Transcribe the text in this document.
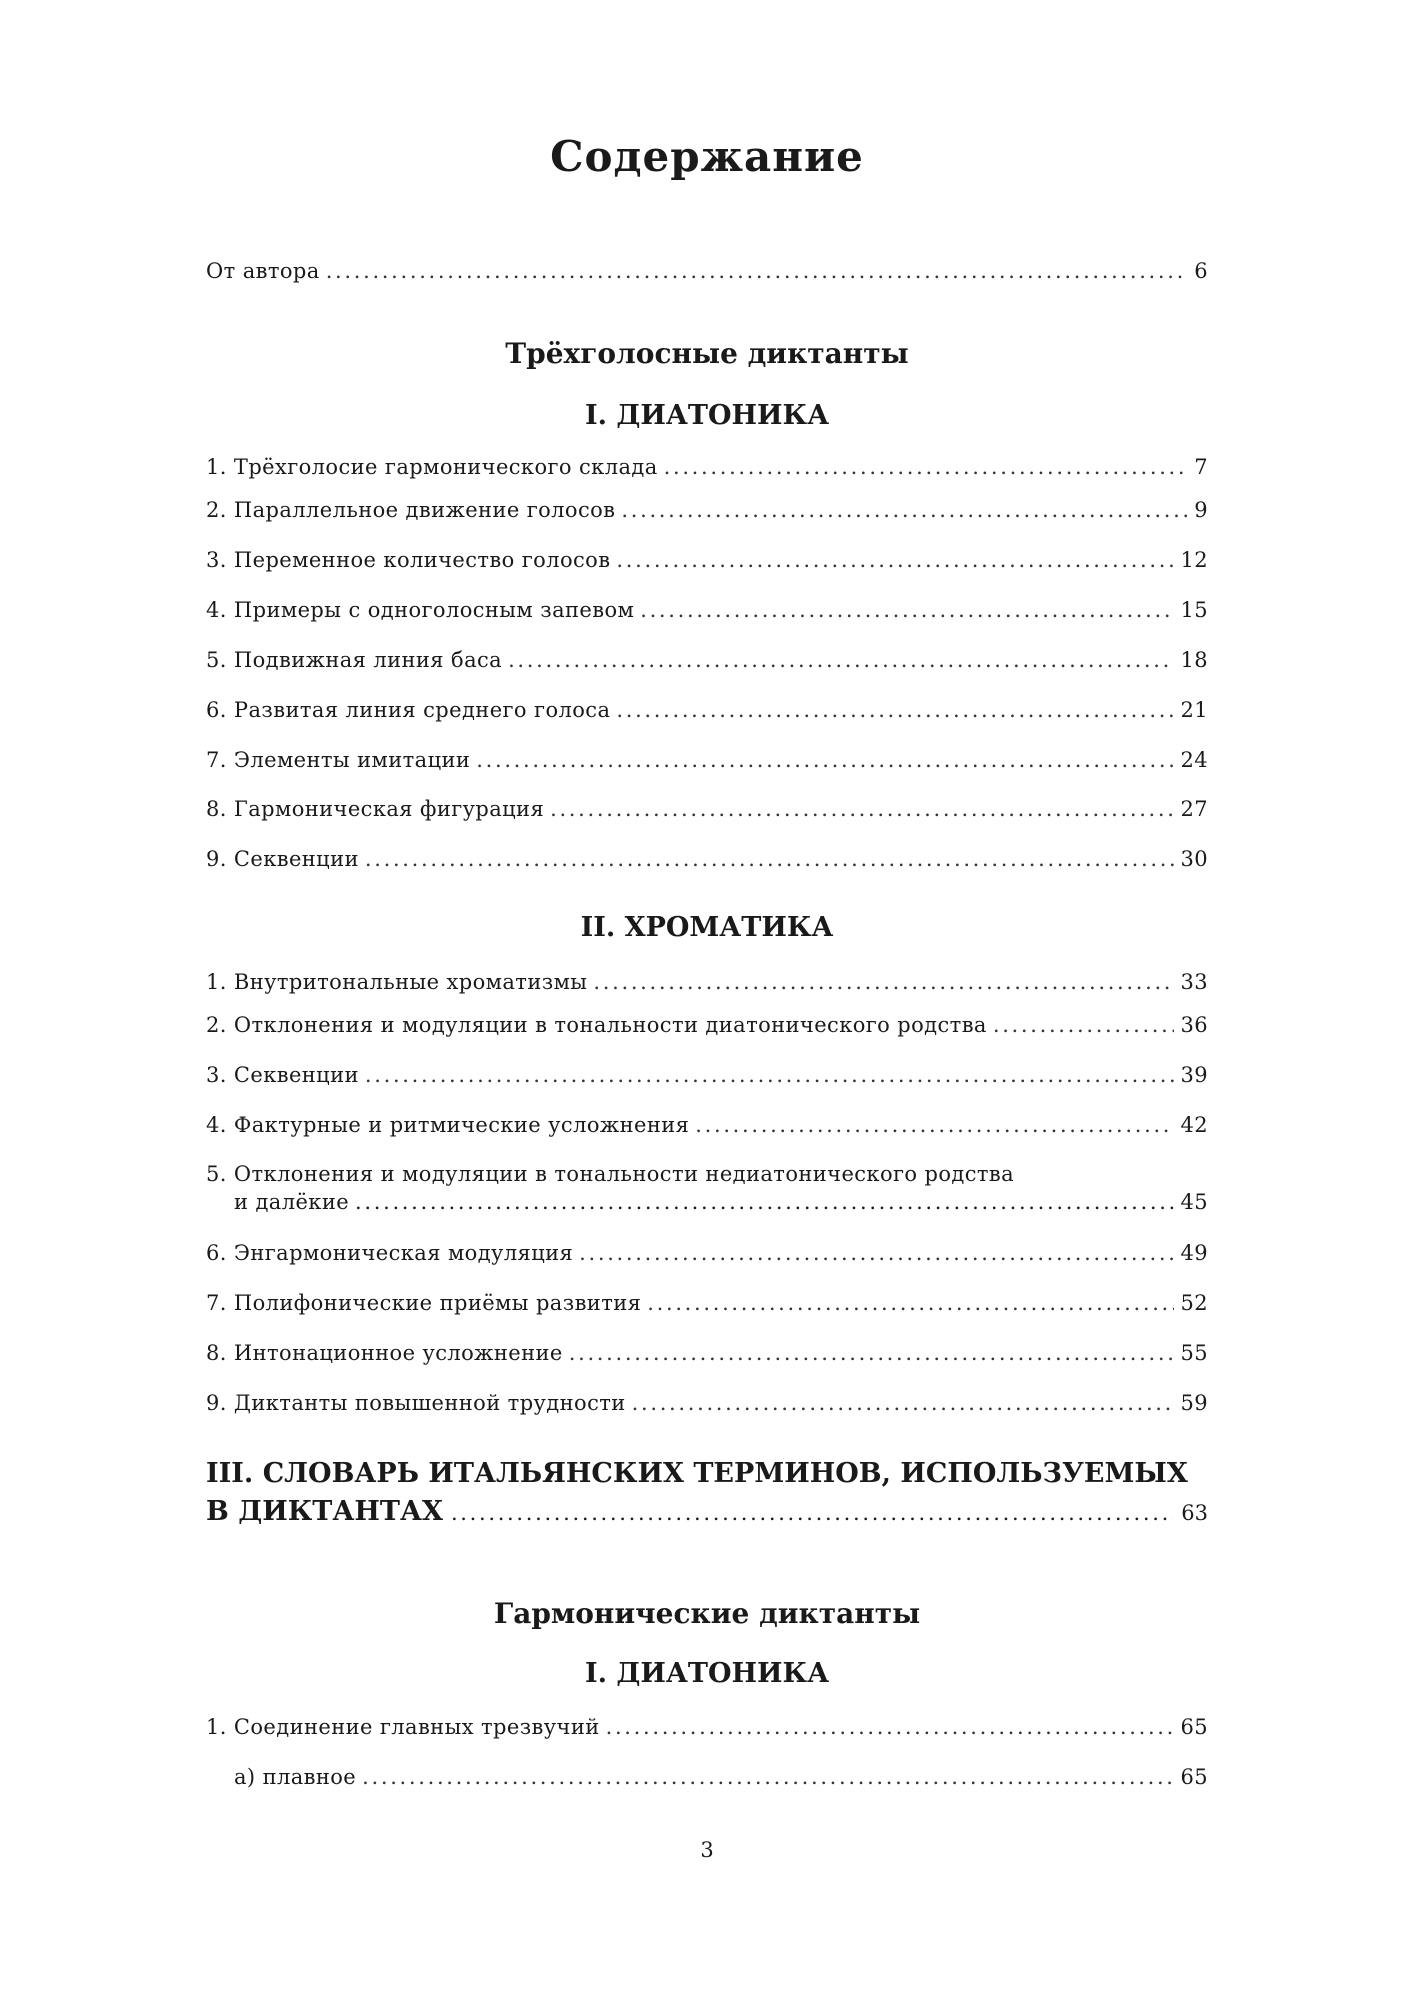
Содержание
От автора . . .	6
Трёхголосные диктанты
I. ДИАТОНИКА
1. Трёхголосие гармонического склада . . .	7
2. Параллельное движение голосов . . .	9
3. Переменное количество голосов . . .	12
4. Примеры с одноголосным запевом . . .	15
5. Подвижная линия баса . . .	18
6. Развитая линия среднего голоса . . .	21
7. Элементы имитации . . .	24
8. Гармоническая фигурация . . .	27
9. Секвенции . . .	30
II. ХРОМАТИКА
1. Внутритональные хроматизмы . . .	33
2. Отклонения и модуляции в тональности диатонического родства . . .	36
3. Секвенции . . .	39
4. Фактурные и ритмические усложнения . . .	42
5. Отклонения и модуляции в тональности недиатонического родства
и далёкие . . .	45
6. Энгармоническая модуляция . . .	49
7. Полифонические приёмы развития . . .	52
8. Интонационное усложнение . . .	55
9. Диктанты повышенной трудности . . .	59
III. СЛОВАРЬ ИТАЛЬЯНСКИХ ТЕРМИНОВ, ИСПОЛЬЗУЕМЫХ
В ДИКТАНТАХ . . .	63
Гармонические диктанты
I. ДИАТОНИКА
1. Соединение главных трезвучий . . .	65
а) плавное . . .	65
3
